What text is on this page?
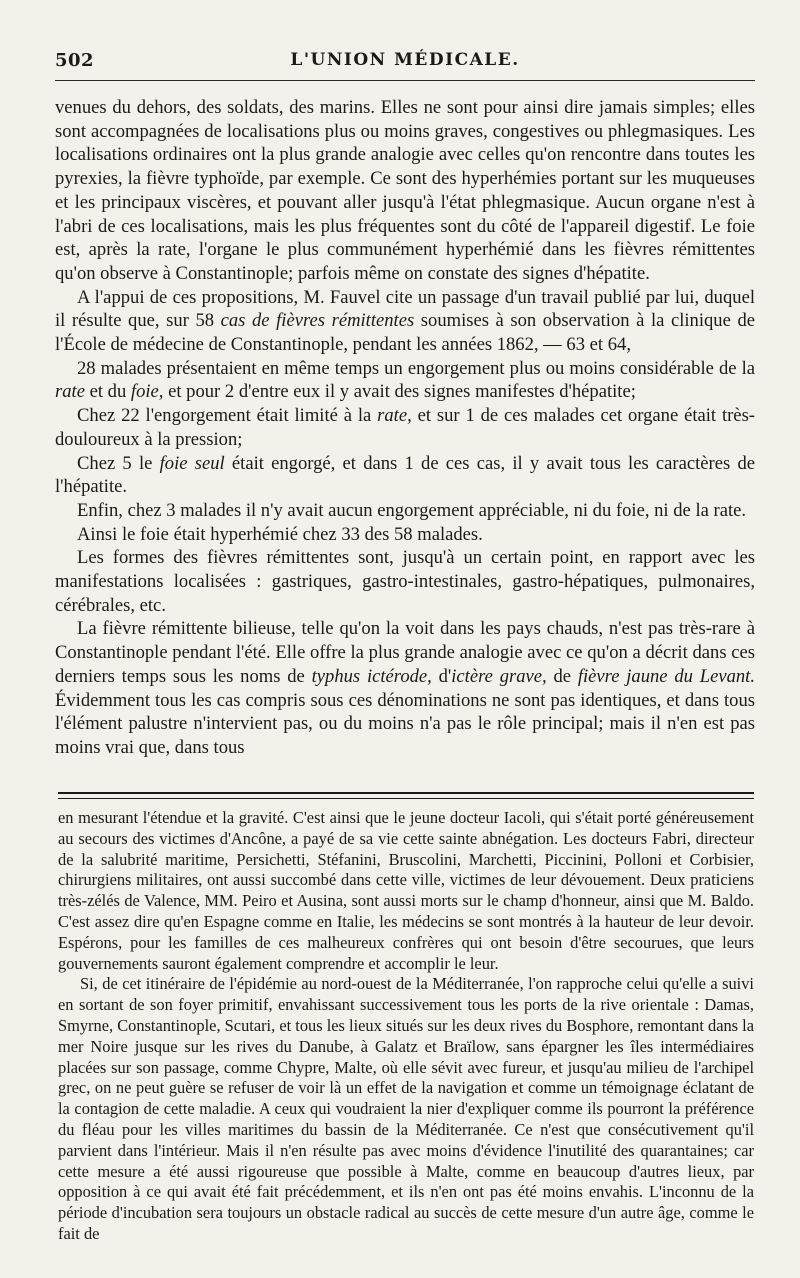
502	L'UNION MÉDICALE.

venues du dehors, des soldats, des marins. Elles ne sont pour ainsi dire jamais simples; elles sont accompagnées de localisations plus ou moins graves, congestives ou phlegmasiques. Les localisations ordinaires ont la plus grande analogie avec celles qu'on rencontre dans toutes les pyrexies, la fièvre typhoïde, par exemple. Ce sont des hyperhémies portant sur les muqueuses et les principaux viscères, et pouvant aller jusqu'à l'état phlegmasique. Aucun organe n'est à l'abri de ces localisations, mais les plus fréquentes sont du côté de l'appareil digestif. Le foie est, après la rate, l'organe le plus communément hyperhémié dans les fièvres rémittentes qu'on observe à Constantinople; parfois même on constate des signes d'hépatite.

A l'appui de ces propositions, M. Fauvel cite un passage d'un travail publié par lui, duquel il résulte que, sur 58 cas de fièvres rémittentes soumises à son observation à la clinique de l'École de médecine de Constantinople, pendant les années 1862, — 63 et 64,

28 malades présentaient en même temps un engorgement plus ou moins considérable de la rate et du foie, et pour 2 d'entre eux il y avait des signes manifestes d'hépatite;

Chez 22 l'engorgement était limité à la rate, et sur 1 de ces malades cet organe était très-douloureux à la pression;

Chez 5 le foie seul était engorgé, et dans 1 de ces cas, il y avait tous les caractères de l'hépatite.

Enfin, chez 3 malades il n'y avait aucun engorgement appréciable, ni du foie, ni de la rate.

Ainsi le foie était hyperhémié chez 33 des 58 malades.

Les formes des fièvres rémittentes sont, jusqu'à un certain point, en rapport avec les manifestations localisées : gastriques, gastro-intestinales, gastro-hépatiques, pulmonaires, cérébrales, etc.

La fièvre rémittente bilieuse, telle qu'on la voit dans les pays chauds, n'est pas très-rare à Constantinople pendant l'été. Elle offre la plus grande analogie avec ce qu'on a décrit dans ces derniers temps sous les noms de typhus ictérode, d'ictère grave, de fièvre jaune du Levant. Évidemment tous les cas compris sous ces dénominations ne sont pas identiques, et dans tous l'élément palustre n'intervient pas, ou du moins n'a pas le rôle principal; mais il n'en est pas moins vrai que, dans tous

en mesurant l'étendue et la gravité. C'est ainsi que le jeune docteur Iacoli, qui s'était porté généreusement au secours des victimes d'Ancône, a payé de sa vie cette sainte abnégation. Les docteurs Fabri, directeur de la salubrité maritime, Persichetti, Stéfanini, Bruscolini, Marchetti, Piccinini, Polloni et Corbisier, chirurgiens militaires, ont aussi succombé dans cette ville, victimes de leur dévouement. Deux praticiens très-zélés de Valence, MM. Peiro et Ausina, sont aussi morts sur le champ d'honneur, ainsi que M. Baldo. C'est assez dire qu'en Espagne comme en Italie, les médecins se sont montrés à la hauteur de leur devoir. Espérons, pour les familles de ces malheureux confrères qui ont besoin d'être secourues, que leurs gouvernements sauront également comprendre et accomplir le leur.

Si, de cet itinéraire de l'épidémie au nord-ouest de la Méditerranée, l'on rapproche celui qu'elle a suivi en sortant de son foyer primitif, envahissant successivement tous les ports de la rive orientale : Damas, Smyrne, Constantinople, Scutari, et tous les lieux situés sur les deux rives du Bosphore, remontant dans la mer Noire jusque sur les rives du Danube, à Galatz et Braïlow, sans épargner les îles intermédiaires placées sur son passage, comme Chypre, Malte, où elle sévit avec fureur, et jusqu'au milieu de l'archipel grec, on ne peut guère se refuser de voir là un effet de la navigation et comme un témoignage éclatant de la contagion de cette maladie. A ceux qui voudraient la nier d'expliquer comme ils pourront la préférence du fléau pour les villes maritimes du bassin de la Méditerranée. Ce n'est que consécutivement qu'il parvient dans l'intérieur. Mais il n'en résulte pas avec moins d'évidence l'inutilité des quarantaines; car cette mesure a été aussi rigoureuse que possible à Malte, comme en beaucoup d'autres lieux, par opposition à ce qui avait été fait précédemment, et ils n'en ont pas été moins envahis. L'inconnu de la période d'incubation sera toujours un obstacle radical au succès de cette mesure d'un autre âge, comme le fait de
